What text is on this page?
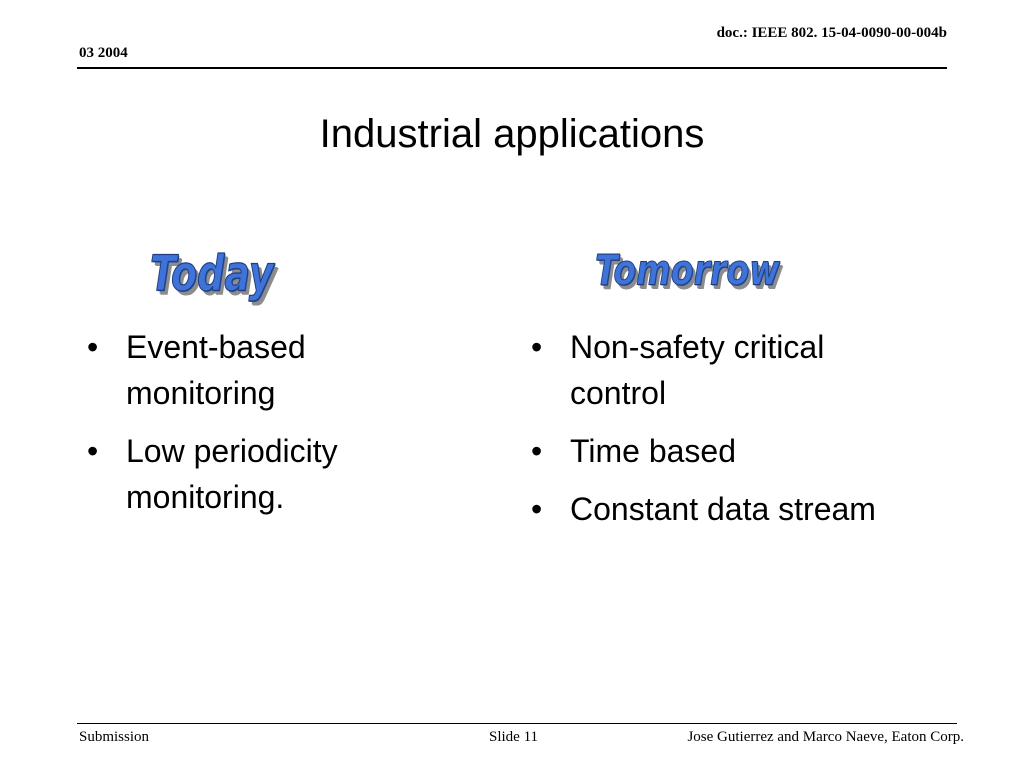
doc.: IEEE 802. 15-04-0090-00-004b
03 2004
Industrial applications
Today	Tomorrow
• Event-based monitoring
• Low periodicity monitoring.
• Non-safety critical control
• Time based
• Constant data stream
Submission	Slide 11	Jose Gutierrez and Marco Naeve, Eaton Corp.
